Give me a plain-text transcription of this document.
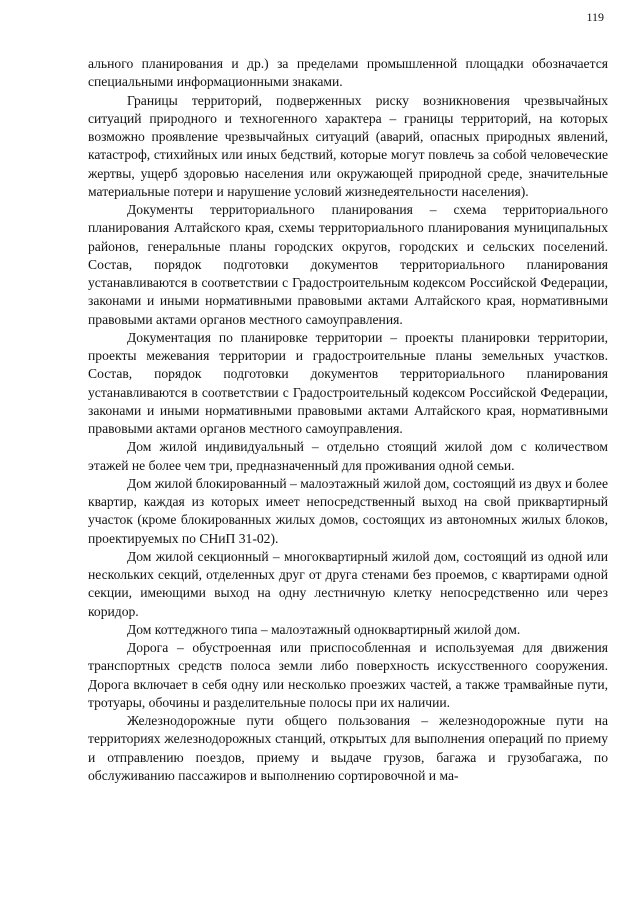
119

ального планирования и др.) за пределами промышленной площадки обозначается специальными информационными знаками.

Границы территорий, подверженных риску возникновения чрезвычайных ситуаций природного и техногенного характера – границы территорий, на которых возможно проявление чрезвычайных ситуаций (аварий, опасных природных явлений, катастроф, стихийных или иных бедствий, которые могут повлечь за собой человеческие жертвы, ущерб здоровью населения или окружающей природной среде, значительные материальные потери и нарушение условий жизнедеятельности населения).

Документы территориального планирования – схема территориального планирования Алтайского края, схемы территориального планирования муниципальных районов, генеральные планы городских округов, городских и сельских поселений. Состав, порядок подготовки документов территориального планирования устанавливаются в соответствии с Градостроительным кодексом Российской Федерации, законами и иными нормативными правовыми актами Алтайского края, нормативными правовыми актами органов местного самоуправления.

Документация по планировке территории – проекты планировки территории, проекты межевания территории и градостроительные планы земельных участков. Состав, порядок подготовки документов территориального планирования устанавливаются в соответствии с Градостроительный кодексом Российской Федерации, законами и иными нормативными правовыми актами Алтайского края, нормативными правовыми актами органов местного самоуправления.

Дом жилой индивидуальный – отдельно стоящий жилой дом с количеством этажей не более чем три, предназначенный для проживания одной семьи.

Дом жилой блокированный – малоэтажный жилой дом, состоящий из двух и более квартир, каждая из которых имеет непосредственный выход на свой приквартирный участок (кроме блокированных жилых домов, состоящих из автономных жилых блоков, проектируемых по СНиП 31-02).

Дом жилой секционный – многоквартирный жилой дом, состоящий из одной или нескольких секций, отделенных друг от друга стенами без проемов, с квартирами одной секции, имеющими выход на одну лестничную клетку непосредственно или через коридор.

Дом коттеджного типа – малоэтажный одноквартирный жилой дом.

Дорога – обустроенная или приспособленная и используемая для движения транспортных средств полоса земли либо поверхность искусственного сооружения. Дорога включает в себя одну или несколько проезжих частей, а также трамвайные пути, тротуары, обочины и разделительные полосы при их наличии.

Железнодорожные пути общего пользования – железнодорожные пути на территориях железнодорожных станций, открытых для выполнения операций по приему и отправлению поездов, приему и выдаче грузов, багажа и грузобагажа, по обслуживанию пассажиров и выполнению сортировочной и ма-
